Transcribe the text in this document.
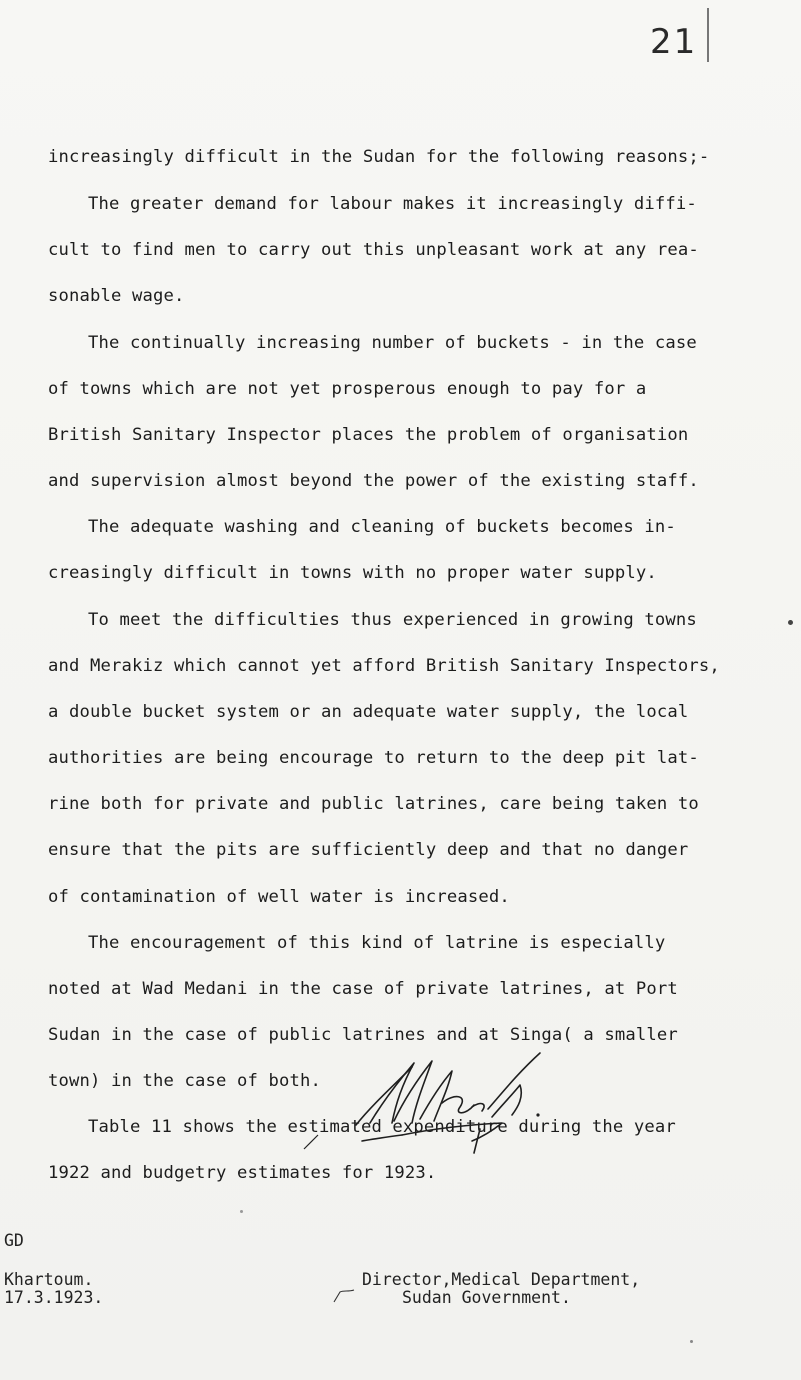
21
increasingly difficult in the Sudan for the following reasons;-
The greater demand for labour makes it increasingly diffi-
cult to find men to carry out this unpleasant work at any rea-
sonable wage.
The continually increasing number of buckets - in the case
of towns which are not yet prosperous enough to pay for a
British Sanitary Inspector places the problem of organisation
and supervision almost beyond the power of the existing staff.
The adequate washing and cleaning of buckets becomes in-
creasingly difficult in towns with no proper water supply.
To meet the difficulties thus experienced in growing towns
and Merakiz which cannot yet afford British Sanitary Inspectors,
a double bucket system or an adequate water supply, the local
authorities are being encourage to return to the deep pit lat-
rine both for private and public latrines, care being taken to
ensure that the pits are sufficiently deep and that no danger
of contamination of well water is increased.
The encouragement of this kind of latrine is especially
noted at Wad Medani in the case of private latrines, at Port
Sudan in the case of public latrines and at Singa( a smaller
town) in the case of both.
Table 11 shows the estimated expenditure during the year
1922 and budgetry estimates for 1923.
GD
Khartoum.
17.3.1923.
Director,Medical Department,
Sudan Government.
